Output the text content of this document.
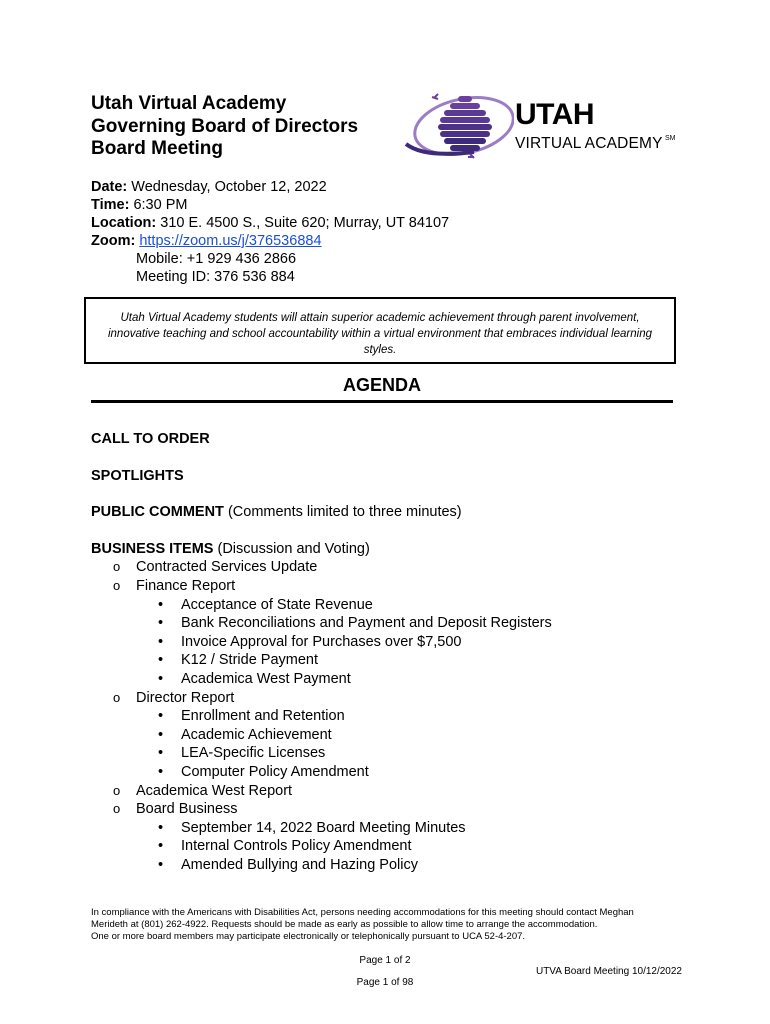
Utah Virtual Academy
Governing Board of Directors
Board Meeting
UTAH
VIRTUAL ACADEMY SM
Date: Wednesday, October 12, 2022
Time: 6:30 PM
Location: 310 E. 4500 S., Suite 620; Murray, UT 84107
Zoom: https://zoom.us/j/376536884
Mobile: +1 929 436 2866
Meeting ID: 376 536 884

Utah Virtual Academy students will attain superior academic achievement through parent involvement, innovative teaching and school accountability within a virtual environment that embraces individual learning styles.

AGENDA
CALL TO ORDER
SPOTLIGHTS
PUBLIC COMMENT (Comments limited to three minutes)
BUSINESS ITEMS (Discussion and Voting)
o Contracted Services Update
o Finance Report
• Acceptance of State Revenue
• Bank Reconciliations and Payment and Deposit Registers
• Invoice Approval for Purchases over $7,500
• K12 / Stride Payment
• Academica West Payment
o Director Report
• Enrollment and Retention
• Academic Achievement
• LEA-Specific Licenses
• Computer Policy Amendment
o Academica West Report
o Board Business
• September 14, 2022 Board Meeting Minutes
• Internal Controls Policy Amendment
• Amended Bullying and Hazing Policy
In compliance with the Americans with Disabilities Act, persons needing accommodations for this meeting should contact Meghan
Merideth at (801) 262-4922. Requests should be made as early as possible to allow time to arrange the accommodation.
One or more board members may participate electronically or telephonically pursuant to UCA 52-4-207.
Page 1 of 2
UTVA Board Meeting 10/12/2022
Page 1 of 98
